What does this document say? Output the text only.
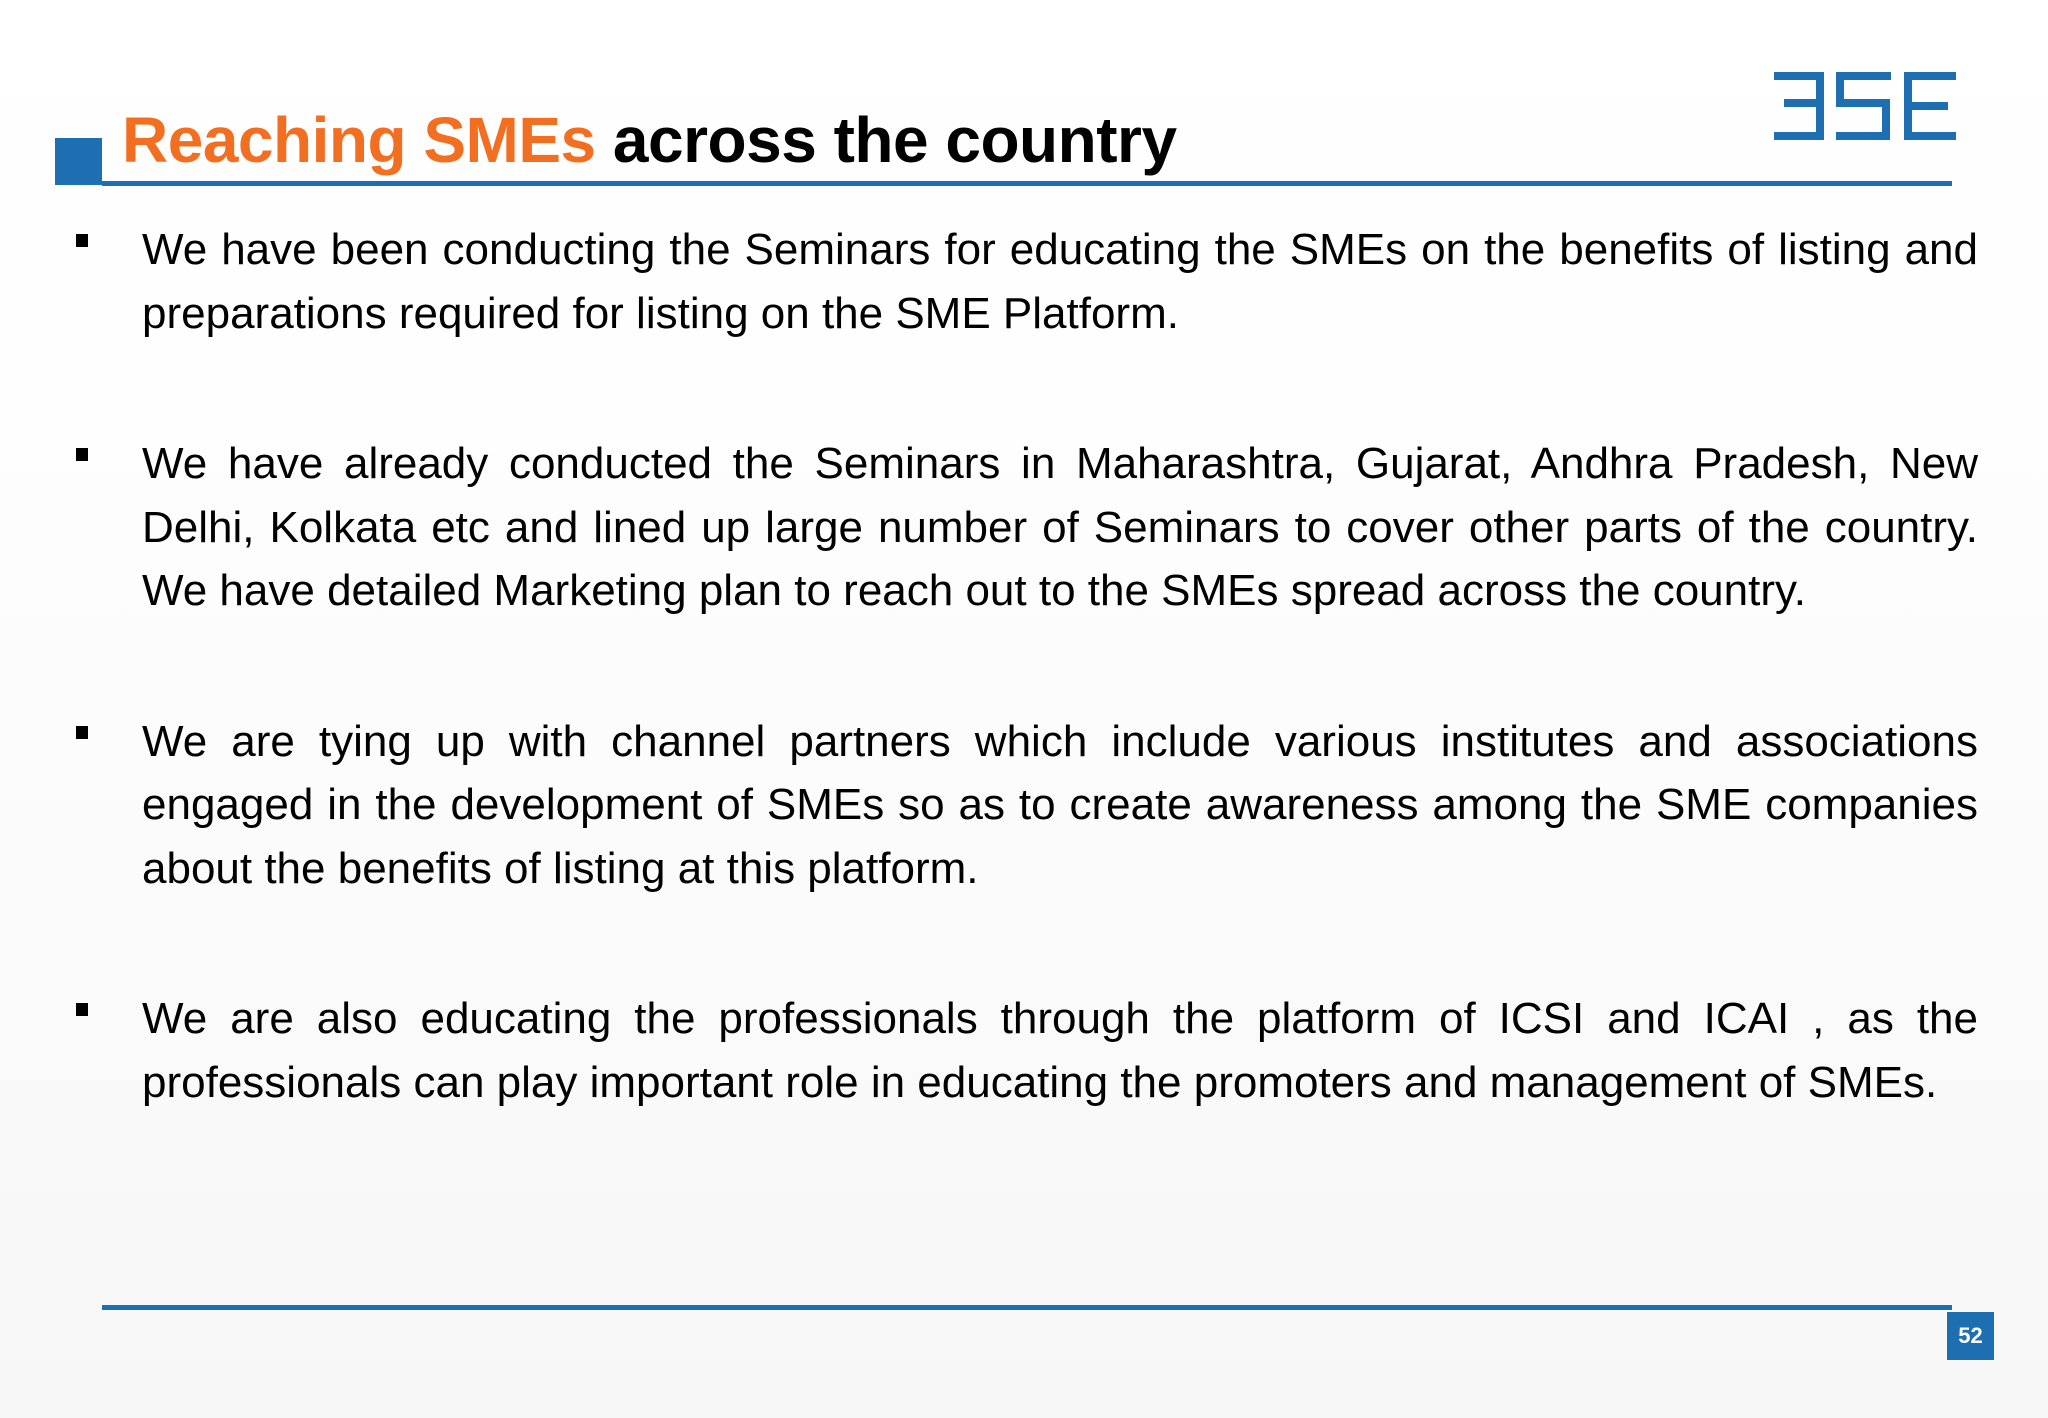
Reaching SMEs across the country
We have been conducting the Seminars for educating the SMEs on the benefits of listing and preparations required for listing on the SME Platform.
We have already conducted the Seminars in Maharashtra, Gujarat, Andhra Pradesh, New Delhi, Kolkata etc and lined up large number of Seminars to cover other parts of the country. We have detailed Marketing plan to reach out to the SMEs spread across the country.
We are tying up with channel partners which include various institutes and associations engaged in the development of SMEs so as to create awareness among the SME companies about the benefits of listing at this platform.
We are also educating the professionals through the platform of ICSI and ICAI , as the professionals can play important role in educating the promoters and management of SMEs.
52
